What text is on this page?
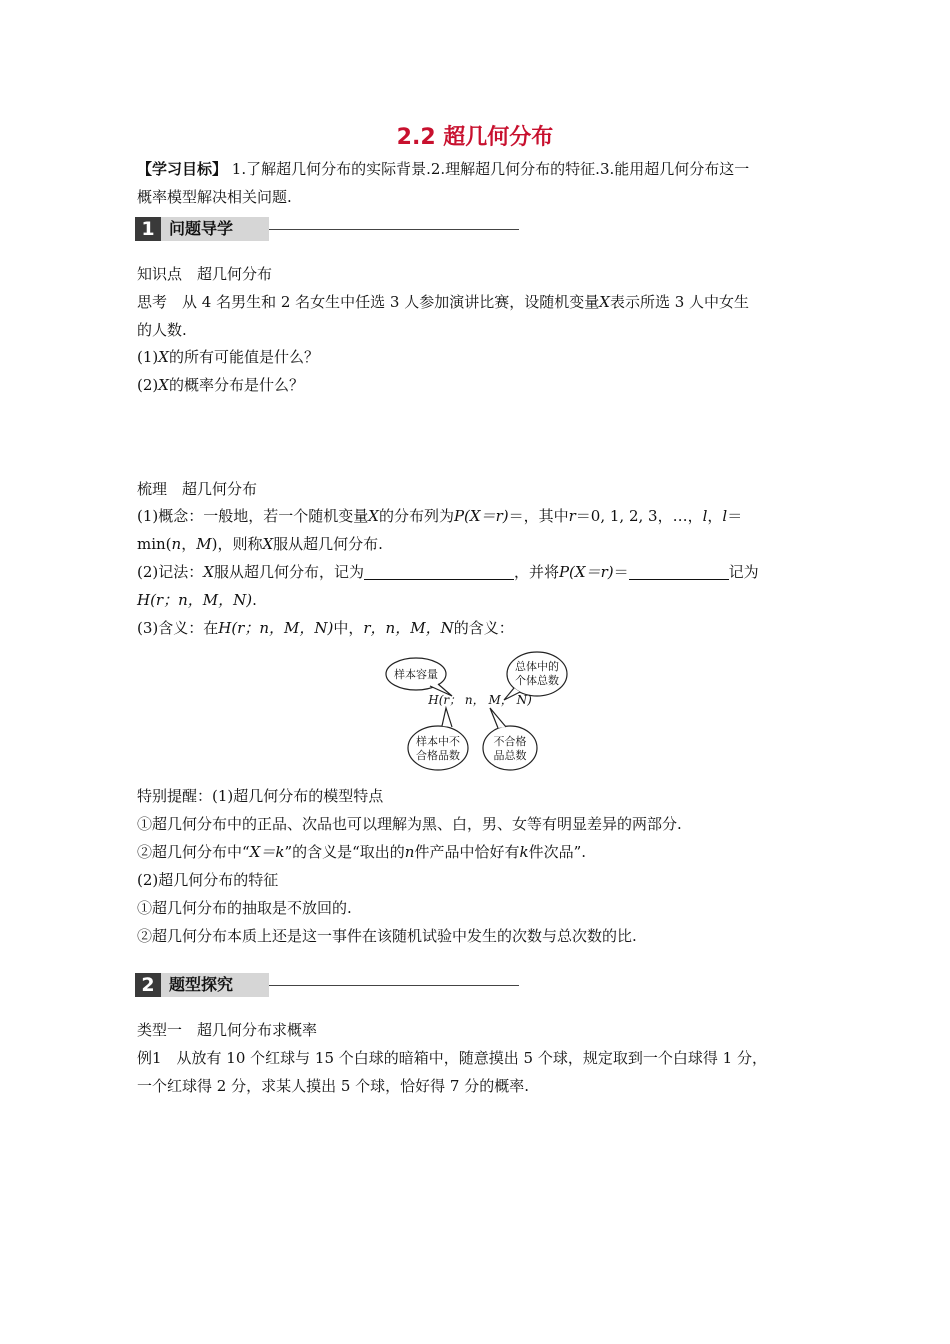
2.2 超几何分布

【学习目标】 1.了解超几何分布的实际背景.2.理解超几何分布的特征.3.能用超几何分布这一

概率模型解决相关问题.

1 问题导学

知识点　超几何分布

思考　从 4 名男生和 2 名女生中任选 3 人参加演讲比赛，设随机变量X表示所选 3 人中女生

的人数.

(1)X的所有可能值是什么？

(2)X的概率分布是什么？

梳理　超几何分布

(1)概念：一般地，若一个随机变量X的分布列为P(X＝r)＝，其中r＝0, 1, 2, 3，…，l，l＝

min(n，M)，则称X服从超几何分布.

(2)记法：X服从超几何分布，记为	，并将P(X＝r)＝	记为

H(r；n，M，N).

(3)含义：在H(r；n，M，N)中，r，n，M，N的含义：

样本容量
总体中的
个体总数
H(r； n， M， N)
样本中不
合格品数
不合格
品总数

特别提醒：(1)超几何分布的模型特点

①超几何分布中的正品、次品也可以理解为黑、白，男、女等有明显差异的两部分.

②超几何分布中“X＝k”的含义是“取出的n件产品中恰好有k件次品”.

(2)超几何分布的特征

①超几何分布的抽取是不放回的.

②超几何分布本质上还是这一事件在该随机试验中发生的次数与总次数的比.

2 题型探究

类型一　超几何分布求概率

例1　从放有 10 个红球与 15 个白球的暗箱中，随意摸出 5 个球，规定取到一个白球得 1 分，

一个红球得 2 分，求某人摸出 5 个球，恰好得 7 分的概率.
